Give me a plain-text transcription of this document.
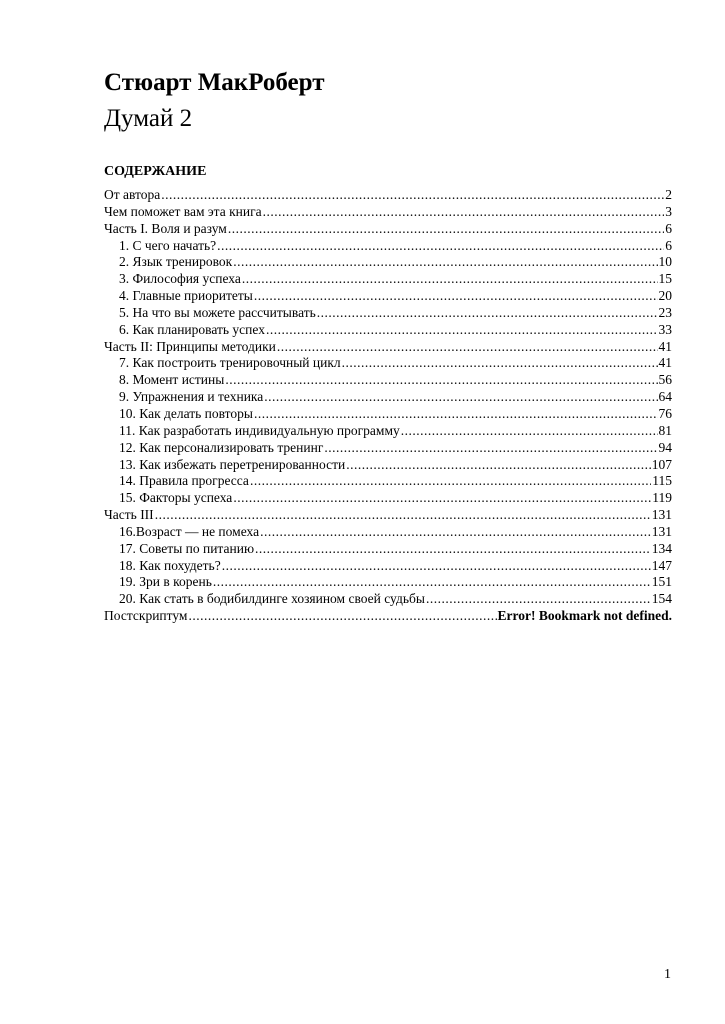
Стюарт МакРоберт
Думай 2
СОДЕРЖАНИЕ
От автора .....	2
Чем поможет вам эта книга .....	3
Часть I. Воля и разум .....	6
1. С чего начать? .....	6
2. Язык тренировок .....	10
3. Философия успеха .....	15
4. Главные приоритеты .....	20
5. На что вы можете рассчитывать .....	23
6. Как планировать успех .....	33
Часть II: Принципы методики .....	41
7. Как построить тренировочный цикл .....	41
8. Момент истины .....	56
9. Упражнения и техника .....	64
10. Как делать повторы .....	76
11. Как разработать индивидуальную программу .....	81
12. Как персонализировать тренинг .....	94
13. Как избежать перетренированности .....	107
14. Правила прогресса .....	115
15. Факторы успеха .....	119
Часть III .....	131
16.Возраст — не помеха .....	131
17. Советы по питанию .....	134
18. Как похудеть? .....	147
19. Зри в корень .....	151
20. Как стать в бодибилдинге хозяином своей судьбы .....	154
Постскриптум .....	Error! Bookmark not defined.
1
